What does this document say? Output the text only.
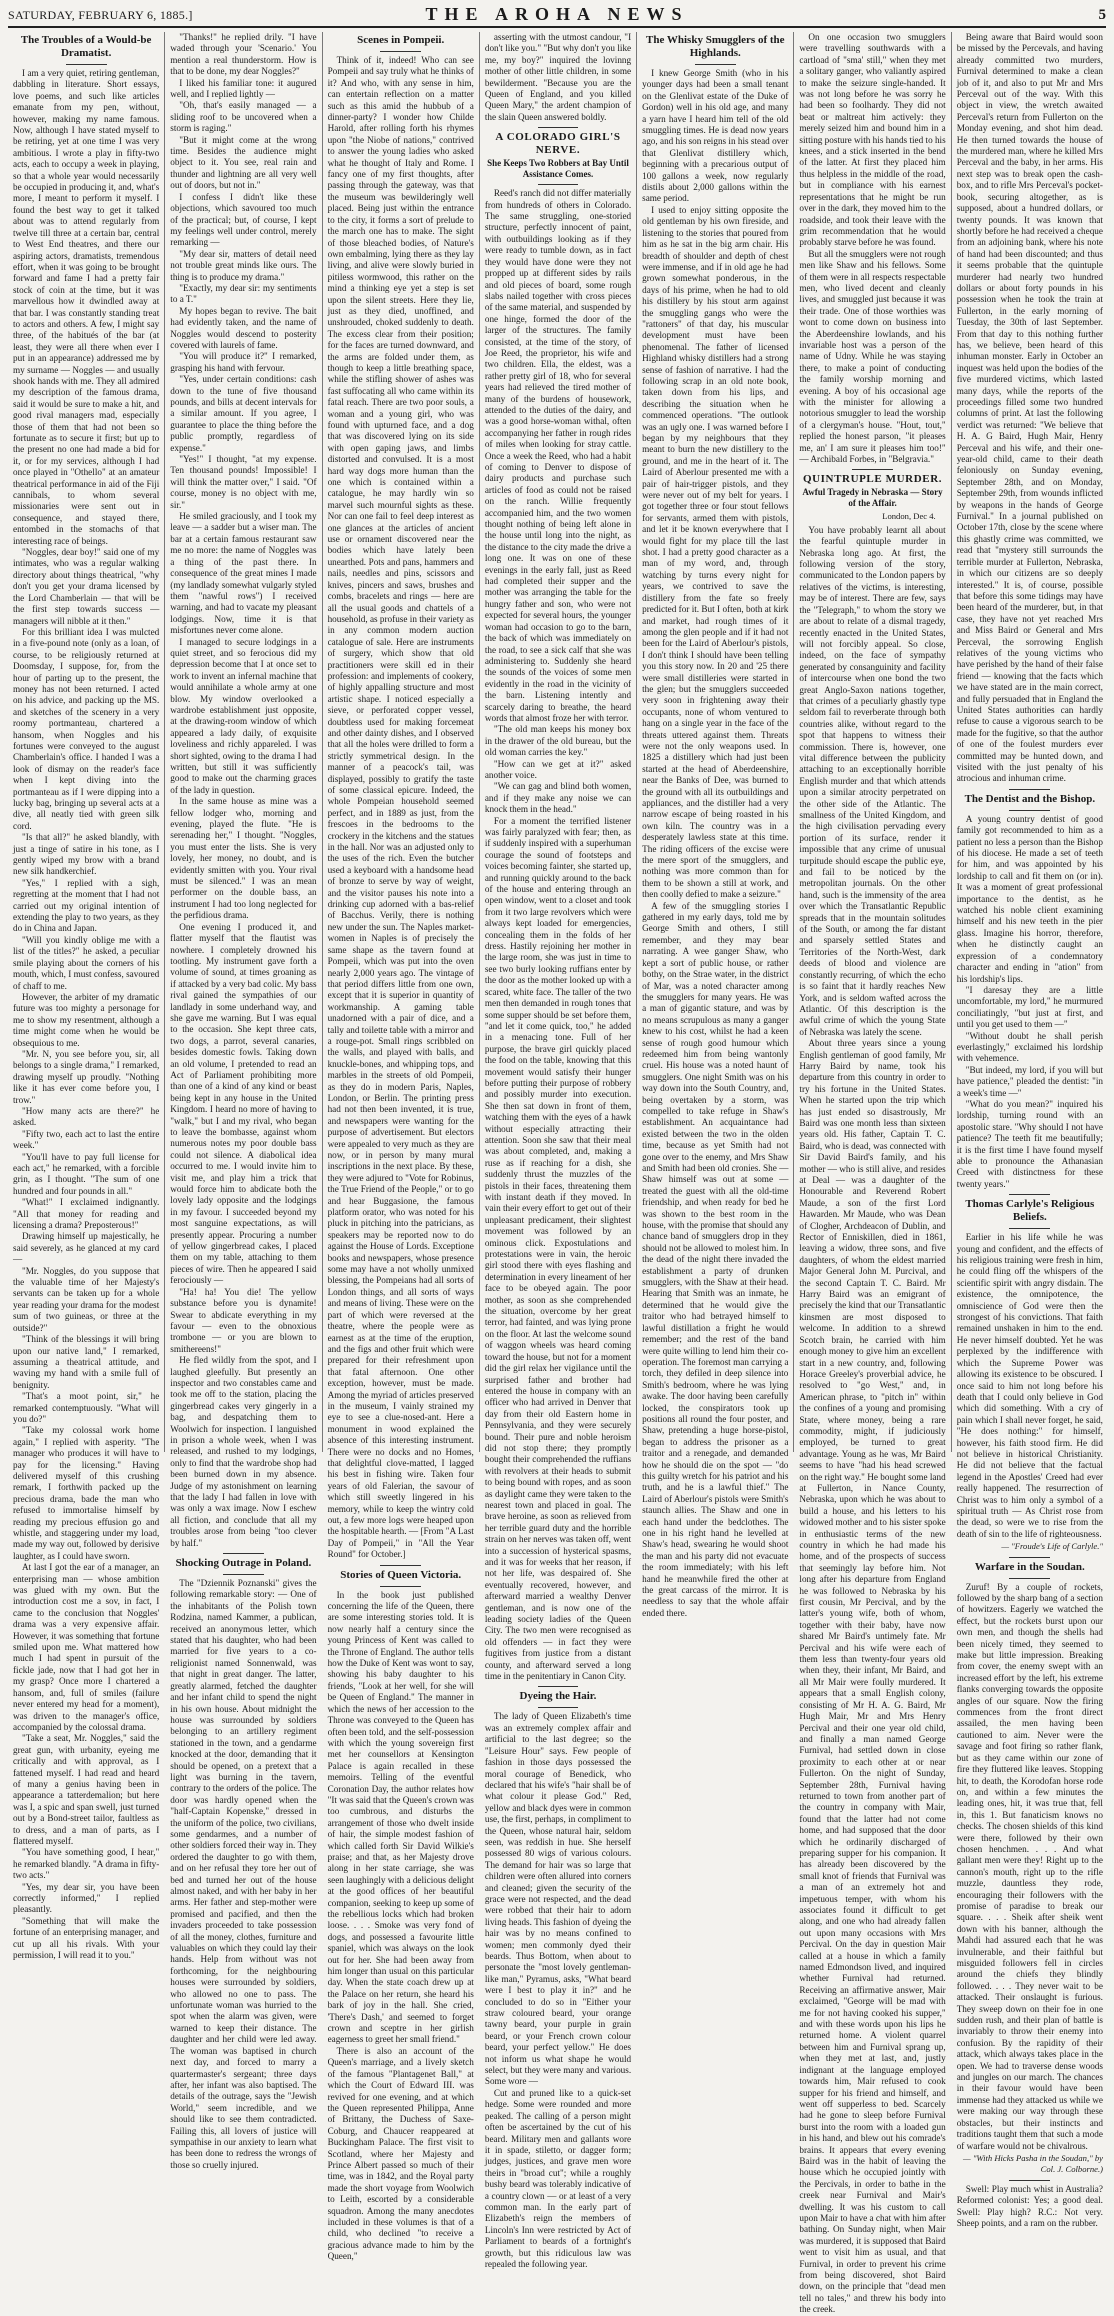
SATURDAY, FEBRUARY 6, 1885.]	THE AROHA NEWS	5
The Troubles of a Would-be Dramatist.

I am a very quiet, retiring gentleman, dabbling in literature. Short essays, love poems, and such like articles emanate from my pen, without, however, making my name famous. Now, although I have stated myself to be retiring, yet at one time I was very ambitious. I wrote a play in fifty-two acts, each to occupy a week in playing, so that a whole year would necessarily be occupied in producing it, and, what's more, I meant to perform it myself. I found the best way to get it talked about was to attend regularly from twelve till three at a certain bar, central to West End theatres, and there our aspiring actors, dramatists, tremendous effort, when it was going to be brought forward and fame I had a pretty fair stock of coin at the time, but it was marvellous how it dwindled away at that bar. I was constantly standing treat to actors and others. A few, I might say three, of the habitués of the bar (at least, they were all there when ever I put in an appearance) addressed me by my surname — Noggles — and usually shook hands with me. They all admired my description of the famous drama, said it would be sure to make a hit, and good rival managers mad, especially those of them that had not been so fortunate as to secure it first; but up to the present no one had made a bid for it, or for my services, although I had once played in "Othello" at an amateur theatrical performance in aid of the Fiji cannibals, to whom several missionaries were sent out in consequence, and stayed there, entombed in the stomachs of that interesting race of beings.

"Noggles, dear boy!" said one of my intimates, who was a regular walking directory about things theatrical, "why don't you get your drama licensed by the Lord Chamberlain — that will be the first step towards success — managers will nibble at it then."

For this brilliant idea I was mulcted in a five-pound note (only as a loan, of course, to be religiously returned at Doomsday, I suppose, for, from the hour of parting up to the present, the money has not been returned. I acted on his advice, and packing up the MS. and sketches of the scenery in a very roomy portmanteau, chartered a hansom, when Noggles and his fortunes were conveyed to the august Chamberlain's office. I handed I was a look of dismay on the reader's face when I kept diving into the portmanteau as if I were dipping into a lucky bag, bringing up several acts at a dive, all neatly tied with green silk cord.

"Is that all?" he asked blandly, with just a tinge of satire in his tone, as I gently wiped my brow with a brand new silk handkerchief.

"Yes," I replied with a sigh, regretting at the moment that I had not carried out my original intention of extending the play to two years, as they do in China and Japan.

"Will you kindly oblige me with a list of the titles?" he asked, a peculiar smile playing about the corners of his mouth, which, I must confess, savoured of chaff to me.

However, the arbiter of my dramatic future was too mighty a personage for me to show my resentment, although a time might come when he would be obsequious to me.

"Mr. N, you see before you, sir, all belongs to a single drama," I remarked, drawing myself up proudly. "Nothing like it has ever come before you, I trow."

"How many acts are there?" he asked.

"Fifty two, each act to last the entire week."

"You'll have to pay full license for each act," he remarked, with a forcible grin, as I thought. "The sum of one hundred and four pounds in all."

"What!" I exclaimed indignantly. "All that money for reading and licensing a drama? Preposterous!"

Drawing himself up majestically, he said severely, as he glanced at my card —

"Mr. Noggles, do you suppose that the valuable time of her Majesty's servants can be taken up for a whole year reading your drama for the modest sum of two guineas, or three at the outside?"

"Think of the blessings it will bring upon our native land," I remarked, assuming a theatrical attitude, and waving my hand with a smile full of benignity.

"That's a moot point, sir," he remarked contemptuously. "What will you do?"

"Take my colossal work home again," I replied with asperity. "The manager who produces it will have to pay for the licensing." Having delivered myself of this crushing remark, I forthwith packed up the precious drama, bade the man who refused to immortalise himself by reading my precious effusion go and whistle, and staggering under my load, made my way out, followed by derisive laughter, as I could have sworn.

At last I got the ear of a manager, an enterprising man — whose ambition was glued with my own. But the introduction cost me a sov, in fact, I came to the conclusion that Noggles' drama was a very expensive affair. However, it was something that fortune smiled upon me. What mattered how much I had spent in pursuit of the fickle jade, now that I had got her in my grasp? Once more I chartered a hansom, and, full of smiles (failure never entered my head for a moment), was driven to the manager's office, accompanied by the colossal drama.

"Take a seat, Mr. Noggles," said the great gun, with urbanity, eyeing me critically and with approval, as I fattened myself. I had read and heard of many a genius having been in appearance a tatterdemalion; but here was I, a spic and span swell, just turned out by a Bond-street tailor, faultless as to dress, and a man of parts, as I flattered myself.

"You have something good, I hear," he remarked blandly. "A drama in fifty-two acts."

"Yes, my dear sir, you have been correctly informed," I replied pleasantly.

"Something that will make the fortune of an enterprising manager, and cut up all his rivals. With your permission, I will read it to you."

"Thanks!" he replied drily. "I have waded through your 'Scenario.' You mention a real thunderstorm. How is that to be done, my dear Noggles?"

I liked his familiar tone: it augured well, and I replied lightly —

"Oh, that's easily managed — a sliding roof to be uncovered when a storm is raging."

"But it might come at the wrong time. Besides the audience might object to it. You see, real rain and thunder and lightning are all very well out of doors, but not in."

I confess I didn't like these objections, which savoured too much of the practical; but, of course, I kept my feelings well under control, merely remarking —

"My dear sir, matters of detail need not trouble great minds like ours. The thing is to produce my drama."

"Exactly, my dear sir: my sentiments to a T."

My hopes began to revive. The bait had evidently taken, and the name of Noggles would descend to posterity covered with laurels of fame.

"You will produce it?" I remarked, grasping his hand with fervour.

"Yes, under certain conditions: cash down to the tune of five thousand pounds, and bills at decent intervals for a similar amount. If you agree, I guarantee to place the thing before the public promptly, regardless of expense."

"Yes!" I thought, "at my expense. Ten thousand pounds! Impossible! I will think the matter over," I said. "Of course, money is no object with me, sir."

He smiled graciously, and I took my leave — a sadder but a wiser man. The bar at a certain famous restaurant saw me no more: the name of Noggles was a thing of the past there. In consequence of the great mines I made (my landlady somewhat vulgarly styled them "nawful rows") I received warning, and had to vacate my pleasant lodgings. Now, time it is that misfortunes never come alone.

I managed to secure lodgings in a quiet street, and so ferocious did my depression become that I at once set to work to invent an infernal machine that would annihilate a whole army at one blow. My window overlooked a wardrobe establishment just opposite, at the drawing-room window of which appeared a lady daily, of exquisite loveliness and richly appareled. I was short sighted, owing to the drama I had written, but still it was sufficiently good to make out the charming graces of the lady in question.

In the same house as mine was a fellow lodger who, morning and evening, played the flute. "He is serenading her," I thought. "Noggles, you must enter the lists. She is very lovely, her money, no doubt, and is evidently smitten with you. Your rival must be silenced." I was an mean performer on the double bass, an instrument I had too long neglected for the perfidious drama.

One evening I produced it, and flatter myself that the flautist was nowhere. I completely drowned his tootling. My instrument gave forth a volume of sound, at times groaning as if attacked by a very bad colic. My bass rival gained the sympathies of our landlady in some underhand way, and she gave me warning. But I was equal to the occasion. She kept three cats, two dogs, a parrot, several canaries, besides domestic fowls. Taking down an old volume, I pretended to read an Act of Parliament prohibiting more than one of a kind of any kind or beast being kept in any house in the United Kingdom. I heard no more of having to "walk," but I and my rival, who began to leave the bombasse, against whom numerous notes my poor double bass could not silence. A diabolical idea occurred to me. I would invite him to visit me, and play him a trick that would force him to abdicate both the lovely lady opposite and the lodgings in my favour. I succeeded beyond my most sanguine expectations, as will presently appear. Procuring a number of yellow gingerbread cakes, I placed them on my table, attaching to them pieces of wire. Then he appeared I said ferociously —

"Ha! ha! You die! The yellow substance before you is dynamite! Swear to abdicate everything in my favour — even to the obnoxious trombone — or you are blown to smithereens!"

He fled wildly from the spot, and I laughed gleefully. But presently an inspector and two constables came and took me off to the station, placing the gingerbread cakes very gingerly in a bag, and despatching them to Woolwich for inspection. I languished in prison a whole week, when I was released, and rushed to my lodgings, only to find that the wardrobe shop had been burned down in my absence. Judge of my astonishment on learning that the lady I had fallen in love with was only a wax image. Now I eschew all fiction, and conclude that all my troubles arose from being "too clever by half."

Shocking Outrage in Poland.

The "Dziennik Poznanski" gives the following remarkable story: — One of the inhabitants of the Polish town Rodzina, named Kammer, a publican, received an anonymous letter, which stated that his daughter, who had been married for five years to a co-religionist named Sonnenwald, was that night in great danger. The latter, greatly alarmed, fetched the daughter and her infant child to spend the night in his own house. About midnight the house was surrounded by soldiers belonging to an artillery regiment stationed in the town, and a gendarme knocked at the door, demanding that it should be opened, on a pretext that a light was burning in the tavern, contrary to the orders of the police. The door was hardly opened when the "half-Captain Kopenske," dressed in the uniform of the police, two civilians, some gendarmes, and a number of other soldiers forced their way in. They ordered the daughter to go with them, and on her refusal they tore her out of bed and turned her out of the house almost naked, and with her baby in her arms. Her father and step-mother were promised and pacified, and then the invaders proceeded to take possession of all the money, clothes, furniture and valuables on which they could lay their hands. Help from without was not forthcoming, for the neighbouring houses were surrounded by soldiers, who allowed no one to pass. The unfortunate woman was hurried to the spot when the alarm was given, were warned to keep their distance. The daughter and her child were led away. The woman was baptised in church next day, and forced to marry a quartermaster's sergeant; three days after, her infant was also baptised. The details of the outrage, says the "Jewish World," seem incredible, and we should like to see them contradicted. Failing this, all lovers of justice will sympathise in our anxiety to learn what has been done to redress the wrongs of those so cruelly injured.

Scenes in Pompeii.

Think of it, indeed! Who can see Pompeii and say truly what he thinks of it? And who, with any sense in him, can entertain reflection on a matter such as this amid the hubbub of a dinner-party? I wonder how Childe Harold, after rolling forth his rhymes upon "the Niobe of nations," contrived to answer the young ladies who asked what he thought of Italy and Rome. I fancy one of my first thoughts, after passing through the gateway, was that the museum was bewilderingly well placed. Being just within the entrance to the city, it forms a sort of prelude to the march one has to make. The sight of those bleached bodies, of Nature's own embalming, lying there as they lay living, and alive were slowly buried in pitiless wormwood, this rather on the mind a thinking eye yet a step is set upon the silent streets. Here they lie, just as they died, unoffined, and unshrouded, choked suddenly to death. The excess clear from their position; for the faces are turned downward, and the arms are folded under them, as though to keep a little breathing space, while the stifling shower of ashes was fast suffocating all who came within its fatal reach. There are two poor souls, a woman and a young girl, who was found with upturned face, and a dog that was discovered lying on its side with open gaping jaws, and limbs distorted and convulsed. It is a most hard way dogs more human than the one which is contained within a catalogue, he may hardly win so marvel such mournful sights as these. Nor can one fail to feel deep interest as one glances at the articles of ancient use or ornament discovered near the bodies which have lately been unearthed. Pots and pans, hammers and nails, needles and pins, scissors and knives, pincers and saws, brushes and combs, bracelets and rings — here are all the usual goods and chattels of a household, as profuse in their variety as in any common modern auction catalogue of sale. Here are instruments of surgery, which show that old practitioners were skill ed in their profession: and implements of cookery, of highly appalling structure and most artistic shape. I noticed especially a sieve, or perforated copper vessel, doubtless used for making forcemeat and other dainty dishes, and I observed that all the holes were drilled to form a strictly symmetrical design. In the manner of a peacock's tail, was displayed, possibly to gratify the taste of some classical epicure. Indeed, the whole Pompeian household seemed perfect, and in 1889 as just, from the frescoes in the bedrooms to the crockery in the kitchens and the statues in the hall. Nor was an adjusted only to the uses of the rich. Even the butcher used a keyboard with a handsome head of bronze to serve by way of weight, and the visitor pauses his note into a drinking cup adorned with a bas-relief of Bacchus. Verily, there is nothing new under the sun. The Naples market-women in Naples is of precisely the same shape as the tavern found at Pompeii, which was put into the oven nearly 2,000 years ago. The vintage of that period differs little from one own, except that it is superior in quantity of workmanship. A gaming table unadorned with a pair of dice, and a tally and toilette table with a mirror and a rouge-pot. Small rings scribbled on the walls, and played with balls, and knuckle-bones, and whipping tops, and marbles in the streets of old Pompeii, as they do in modern Paris, Naples, London, or Berlin. The printing press had not then been invented, it is true, and newspapers were wanting for the purpose of advertisement. But electors were appealed to very much as they are now, or in person by many mural inscriptions in the next place. By these, they were adjured to "Vote for Robinus, the True Friend of the People," or to go and hear Buggasione, the famous platform orator, who was noted for his pluck in pitching into the patricians, as speakers may be reported now to do against the House of Lords. Exceptione books and newspapers, whose presence some may have a not wholly unmixed blessing, the Pompeians had all sorts of London things, and all sorts of ways and means of living. These were on the part of which were reversed at the theatre, where the people were as earnest as at the time of the eruption, and the figs and other fruit which were prepared for their refreshment upon that fatal afternoon. One other exception, however, must be made. Among the myriad of articles preserved in the museum, I vainly strained my eye to see a clue-nosed-ant. Here a monument in wood explained the absence of this interesting instrument. There were no docks and no Homes, that delightful clove-matted, I lagged his best in fishing wire. Taken four years of old Falerian, the savour of which still sweetly lingered in his memory, while to keep the wintry cold out, a few more logs were heaped upon the hospitable hearth. — [From "A Last Day of Pompeii," in "All the Year Round" for October.]

Stories of Queen Victoria.

In the book just published concerning the life of the Queen, there are some interesting stories told. It is now nearly half a century since the young Princess of Kent was called to the Throne of England. The author tells how the Duke of Kent was wont to say, showing his baby daughter to his friends, "Look at her well, for she will be Queen of England." The manner in which the news of her accession to the Throne was conveyed to the Queen has often been told, and the self-possession with which the young sovereign first met her counsellors at Kensington Palace is again recalled in these memoirs. Telling of the eventful Coronation Day, the author relates how "It was said that the Queen's crown was too cumbrous, and disturbs the arrangement of those who dwelt inside of hair, the simple modest fashion of which called forth Sir David Wilkie's praise; and that, as her Majesty drove along in her state carriage, she was seen laughingly with a delicious delight at the good offices of her beautiful companion, seeking to keep up some of the rebellious locks which had broken loose. . . . Smoke was very fond of dogs, and possessed a favourite little spaniel, which was always on the look out for her. She had been away from him longer than usual on this particular day. When the state coach drew up at the Palace on her return, she heard his bark of joy in the hall. She cried, 'There's Dash,' and seemed to forget crown and sceptre in her girlish eagerness to greet her small friend."

There is also an account of the Queen's marriage, and a lively sketch of the famous "Plantagenet Ball," at which the Court of Edward III. was revived for one evening, and at which the Queen represented Philippa, Anne of Brittany, the Duchess of Saxe-Coburg, and Chaucer reappeared at Buckingham Palace. The first visit to Scotland, where her Majesty and Prince Albert passed so much of their time, was in 1842, and the Royal party made the short voyage from Woolwich to Leith, escorted by a considerable squadron. Among the many anecdotes included in these volumes is that of a child, who declined "to receive a gracious advance made to him by the Queen,"

asserting with the utmost candour, "I don't like you." "But why don't you like me, my boy?" inquired the lovinng mother of other little children, in some bewilderment. "Because you are the Queen of England, and you killed Queen Mary," the ardent champion of the slain Queen answered boldly.

A COLORADO GIRL'S NERVE.
She Keeps Two Robbers at Bay Until Assistance Comes.

Reed's ranch did not differ materially from hundreds of others in Colorado. The same struggling, one-storied structure, perfectly innocent of paint, with outbuildings looking as if they were ready to tumble down, as in fact they would have done were they not propped up at different sides by rails and old pieces of board, some rough slabs nailed together with cross pieces of the same material, and suspended by one hinge, formed the door of the larger of the structures. The family consisted, at the time of the story, of Joe Reed, the proprietor, his wife and two children. Ella, the eldest, was a rather pretty girl of 18, who for several years had relieved the tired mother of many of the burdens of housework, attended to the duties of the dairy, and was a good horse-woman withal, often accompanying her father in rough rides of miles when looking for stray cattle. Once a week the Reed, who had a habit of coming to Denver to dispose of dairy products and purchase such articles of food as could not be raised on the ranch. Willie frequently accompanied him, and the two women thought nothing of being left alone in the house until long into the night, as the distance to the city made the drive a long one. It was on one of these evenings in the early fall, just as Reed had completed their supper and the mother was arranging the table for the hungry father and son, who were not expected for several hours, the younger woman had occasion to go to the barn, the back of which was immediately on the road, to see a sick calf that she was administering to. Suddenly she heard the sounds of the voices of some men evidently in the road in the vicinity of the barn. Listening intently and scarcely daring to breathe, the heard words that almost froze her with terror.

"The old man keeps his money box in the drawer of the old bureau, but the old woman carries the key."

"How can we get at it?" asked another voice.

"We can gag and blind both women, and if they make any noise we can knock them in the head."

For a moment the terrified listener was fairly paralyzed with fear; then, as if suddenly inspired with a superhuman courage the sound of footsteps and voices becoming fainter, she started up, and running quickly around to the back of the house and entering through an open window, went to a closet and took from it two large revolvers which were always kept loaded for emergencies, concealing them in the folds of her dress. Hastily rejoining her mother in the large room, she was just in time to see two burly looking ruffians enter by the door as the mother looked up with a scared, white face. The taller of the two men then demanded in rough tones that some supper should be set before them, "and let it come quick, too," he added in a menacing tone. Full of her purpose, the brave girl quickly placed the food on the table, knowing that this movement would satisfy their hunger before putting their purpose of robbery and possibly murder into execution. She then sat down in front of them, watching them with the eyes of a hawk without especially attracting their attention. Soon she saw that their meal was about completed, and, making a ruse as if reaching for a dish, she suddenly thrust the muzzles of the pistols in their faces, threatening them with instant death if they moved. In vain their every effort to get out of their unpleasant predicament, their slightest movement was followed by an ominous click. Expostulations and protestations were in vain, the heroic girl stood there with eyes flashing and determination in every lineament of her face to be obeyed again. The poor mother, as soon as she comprehended the situation, overcome by her great terror, had fainted, and was lying prone on the floor. At last the welcome sound of waggon wheels was heard coming toward the house, but not for a moment did the girl relax her vigilance until the surprised father and brother had entered the house in company with an officer who had arrived in Denver that day from their old Eastern home in Pennsylvania, and they were securely bound. Their pure and noble heroism did not stop there; they promptly bought their comprehended the ruffians with revolvers at their heads to submit to being bound with ropes, and as soon as daylight came they were taken to the nearest town and placed in goal. The brave heroine, as soon as relieved from her terrible guard duty and the horrible strain on her nerves was taken off, went into a succession of hysterical spasms, and it was for weeks that her reason, if not her life, was despaired of. She eventually recovered, however, and afterward married a wealthy Denver gentleman, and is now one of the leading society ladies of the Queen City. The two men were recognised as old offenders — in fact they were fugitives from justice from a distant county, and afterward served a long time in the penitentiary in Canon City.

Dyeing the Hair.

The lady of Queen Elizabeth's time was an extremely complex affair and artificial to the last degree; so the "Leisure Hour" says. Few people of fashion in those days possessed the moral courage of Benedick, who declared that his wife's "hair shall be of what colour it please God." Red, yellow and black dyes were in common use, the first, perhaps, in compliment to the Queen, whose natural hair, seldom seen, was reddish in hue. She herself possessed 80 wigs of various colours. The demand for hair was so large that children were often allured into corners and cleaned; given the security of the grace were not respected, and the dead were robbed that their hair to adorn living heads. This fashion of dyeing the hair was by no means confined to women; men commonly dyed their beards. Thus Bottom, when about to personate the "most lovely gentleman-like man," Pyramus, asks, "What beard were I best to play it in?" and he concluded to do so in "Either your straw coloured beard, your orange tawny beard, your purple in grain beard, or your French crown colour beard, your perfect yellow." He does not inform us what shape he would select, but they were many and various. Some wore —

Cut and pruned like to a quick-set hedge. Some were rounded and more peaked. The calling of a person might often be ascertained by the cut of his beard. Military men and gallants wore it in spade, stiletto, or dagger form; judges, justices, and grave men wore theirs in "broad cut"; while a roughly bushy beard was tolerably indicative of a country clown — or at least of a very common man. In the early part of Elizabeth's reign the members of Lincoln's Inn were restricted by Act of Parliament to beards of a fortnight's growth, but this ridiculous law was repealed the following year.

The Whisky Smugglers of the Highlands.

I knew George Smith (who in his younger days had been a small tenant on the Glenlivat estate of the Duke of Gordon) well in his old age, and many a yarn have I heard him tell of the old smuggling times. He is dead now years ago, and his son reigns in his stead over that Glenlivat distillery which, beginning with a precarious output of 100 gallons a week, now regularly distils about 2,000 gallons within the same period.

I used to enjoy sitting opposite the old gentleman by his own fireside, and listening to the stories that poured from him as he sat in the big arm chair. His breadth of shoulder and depth of chest were immense, and if in old age he had grown somewhat ponderous, in the days of his prime, when he had to old his distillery by his stout arm against the smuggling gangs who were the "rattoners" of that day, his muscular development must have been phenomenal. The father of licensed Highland whisky distillers had a strong sense of fashion of narrative. I had the following scrap in an old note book, taken down from his lips, and describing the situation when he commenced operations. "The outlook was an ugly one. I was warned before I began by my neighbours that they meant to burn the new distillery to the ground, and me in the heart of it. The Laird of Aberlour presented me with a pair of hair-trigger pistols, and they were never out of my belt for years. I got together three or four stout fellows for servants, armed them with pistols, and let it be known everywhere that I would fight for my place till the last shot. I had a pretty good character as a man of my word, and, through watching by turns every night for years, we contrived to save the distillery from the fate so freely predicted for it. But I often, both at kirk and market, had rough times of it among the glen people and if it had not been for the Laird of Aberlour's pistols, I don't think I should have been telling you this story now. In 20 and '25 there were small distilleries were started in the glen; but the smugglers succeeded very soon in frightening away their occupants, none of whom ventured to hang on a single year in the face of the threats uttered against them. Threats were not the only weapons used. In 1825 a distillery which had just been started at the head of Aberdeenshire, near the Banks of Dee, was burned to the ground with all its outbuildings and appliances, and the distiller had a very narrow escape of being roasted in his own kiln. The country was in a desperately lawless state at this time. The riding officers of the excise were the mere sport of the smugglers, and nothing was more common than for them to be shown a still at work, and then coolly defied to make a seizure."

A few of the smuggling stories I gathered in my early days, told me by George Smith and others, I still remember, and they may bear narrating. A wee ganger Shaw, who kept a sort of public house, or rather bothy, on the Strae water, in the district of Mar, was a noted character among the smugglers for many years. He was a man of gigantic stature, and was by no means scrupulous as many a ganger knew to his cost, whilst he had a keen sense of rough good humour which redeemed him from being wantonly cruel. His house was a noted haunt of smugglers. One night Smith was on his way down into the South Country, and, being overtaken by a storm, was compelled to take refuge in Shaw's establishment. An acquaintance had existed between the two in the olden time, because as yet Smith had not gone over to the enemy, and Mrs Shaw and Smith had been old cronies. She — Shaw himself was out at some — treated the guest with all the old-time friendship, and when ready for bed he was shown to the best room in the house, with the promise that should any chance band of smugglers drop in they should not be allowed to molest him. In the dead of the night there invaded the establishment a party of drunken smugglers, with the Shaw at their head. Hearing that Smith was an inmate, he determined that he would give the traitor who had betrayed himself to lawful distillation a fright he would remember; and the rest of the band were quite willing to lend him their co-operation. The foremost man carrying a torch, they defiled in deep silence into Smith's bedroom, where he was lying awake. The door having been carefully locked, the conspirators took up positions all round the four poster, and Shaw, pretending a huge horse-pistol, began to address the prisoner as a traitor and a renegade, and demanded how he should die on the spot — "do this guilty wretch for his patriot and his truth, and he is a lawful thief." The Laird of Aberlour's pistols were Smith's staunch allies. The Shaw and one in each hand under the bedclothes. The one in his right hand he levelled at Shaw's head, swearing he would shoot the man and his party did not evacuate the room immediately; with his left hand he meanwhile fired the other at the great carcass of the mirror. It is needless to say that the whole affair ended there.

On one occasion two smugglers were travelling southwards with a cartload of "sma' still," when they met a solitary ganger, who valiantly aspired to make the seizure single-handed. It was not long before he was sorry he had been so foolhardy. They did not beat or maltreat him actively: they merely seized him and bound him in a sitting posture with his hands tied to his knees, and a stick inserted in the bend of the latter. At first they placed him thus helpless in the middle of the road, but in compliance with his earnest representations that he might be run over in the dark, they moved him to the roadside, and took their leave with the grim recommendation that he would probably starve before he was found.

But all the smugglers were not rough men like Shaw and his fellows. Some of them were in all respects respectable men, who lived decent and cleanly lives, and smuggled just because it was their trade. One of those worthies was wont to come down on business into the Aberdeenshire lowlands, and his invariable host was a person of the name of Udny. While he was staying there, to make a point of conducting the family worship morning and evening. A boy of his occasional age with the minister for allowing a notorious smuggler to lead the worship of a clergyman's house. "Hout, tout," replied the honest parson, "it pleases me, an' I am sure it pleases him too!" — Archibald Forbes, in "Belgravia."

QUINTRUPLE MURDER.
Awful Tragedy in Nebraska — Story of the Affair.
London, Dec 4.

You have probably learnt all about the fearful quintuple murder in Nebraska long ago. At first, the following version of the story, communicated to the London papers by relatives of the victims, is interesting, may be of interest. There are few, says the "Telegraph," to whom the story we are about to relate of a dismal tragedy, recently enacted in the United States, will not forcibly appeal. So close, indeed, on the face of sympathy generated by consanguinity and facility of intercourse when one bond the two great Anglo-Saxon nations together, that crimes of a peculiarly ghastly type seldom fail to reverberate through both countries alike, without regard to the spot that happens to witness their commission. There is, however, one vital difference between the publicity attaching to an exceptionally horrible English murder and that which attends upon a similar atrocity perpetrated on the other side of the Atlantic. The smallness of the United Kingdom, and the high civilisation pervading every portion of its surface, render it impossible that any crime of unusual turpitude should escape the public eye, and fail to be noticed by the metropolitan journals. On the other hand, such is the immensity of the area over which the Transatlantic Republic spreads that in the mountain solitudes of the South, or among the far distant and sparsely settled States and Territories of the North-West, dark deeds of blood and violence are constantly recurring, of which the echo is so faint that it hardly reaches New York, and is seldom wafted across the Atlantic. Of this description is the awful crime of which the young State of Nebraska was lately the scene.

About three years since a young English gentleman of good family, Mr Harry Baird by name, took his departure from this country in order to try his fortune in the United States. When he started upon the trip which has just ended so disastrously, Mr Baird was one month less than sixteen years old. His father, Captain T. C. Baird, who is dead, was connected with Sir David Baird's family, and his mother — who is still alive, and resides at Deal — was a daughter of the Honourable and Reverend Robert Maude, a son of the first Lord Hawarden. Mr Maude, who was Dean of Clogher, Archdeacon of Dublin, and Rector of Enniskillen, died in 1861, leaving a widow, three sons, and five daughters, of whom the eldest married Major General John M. Purcival, and the second Captain T. C. Baird. Mr Harry Baird was an emigrant of precisely the kind that our Transatlantic kinsmen are most disposed to welcome. In addition to a shrewd Scotch brain, he carried with him enough money to give him an excellent start in a new country, and, following Horace Greeley's proverbial advice, he resolved to "go West," and, in American phrase, to "pitch in" within the confines of a young and promising State, where money, being a rare commodity, might, if judiciously employed, be turned to great advantage. Young as he was, Mr Baird seems to have "had his head screwed on the right way." He bought some land at Fullerton, in Nance County, Nebraska, upon which he was about to build a house, and his letters to his widowed mother and to his sister spoke in enthusiastic terms of the new country in which he had made his home, and of the prospects of success that seemingly lay before him. Not long after his departure from England he was followed to Nebraska by his first cousin, Mr Percival, and by the latter's young wife, both of whom, together with their baby, have now shared Mr Baird's untimely fate. Mr Percival and his wife were each of them less than twenty-four years old when they, their infant, Mr Baird, and all Mr Mair were foully murdered. It appears that a small English colony, consisting of Mr H. A. G. Baird, Mr Hugh Mair, Mr and Mrs Henry Percival and their one year old child, and finally a man named George Furnival, had settled down in close proximity to each other at or near Fullerton. On the night of Sunday, September 28th, Furnival having returned to town from another part of the country in company with Mair, found that the latter had not come home, and had supposed that the door which he ordinarily discharged of preparing supper for his companion. It has already been discovered by the small knot of friends that Furnival was a man of an extremely hot and impetuous temper, with whom his associates found it difficult to get along, and one who had already fallen out upon many occasions with Mrs Percival. On the day in question Mair called at a house in which a family named Edmondson lived, and inquired whether Furnival had returned. Receiving an affirmative answer, Mair exclaimed, "George will be mad with me for not having cooked his supper," and with these words upon his lips he returned home. A violent quarrel between him and Furnival sprang up, when they met at last, and, justly indignant at the language employed towards him, Mair refused to cook supper for his friend and himself, and went off supperless to bed. Scarcely had he gone to sleep before Furnival burst into the room with a loaded gun in his hand, and blew out his comrade's brains. It appears that every evening Baird was in the habit of leaving the house which he occupied jointly with the Percivals, in order to bathe in the creek near Furnival and Mair's dwelling. It was his custom to call upon Mair to have a chat with him after bathing. On Sunday night, when Mair was murdered, it is supposed that Baird went to visit him as usual, and that Furnival, in order to prevent his crime from being discovered, shot Baird down, on the principle that "dead men tell no tales," and threw his body into the creek.

Being aware that Baird would soon be missed by the Percevals, and having already committed two murders, Furnival determined to make a clean job of it, and also to put Mr and Mrs Perceval out of the way. With this object in view, the wretch awaited Perceval's return from Fullerton on the Monday evening, and shot him dead. He then turned towards the house of the murdered man, where he killed Mrs Perceval and the baby, in her arms. His next step was to break open the cash-box, and to rifle Mrs Perceval's pocket-book, securing altogether, as is supposed, about a hundred dollars, or twenty pounds. It was known that shortly before he had received a cheque from an adjoining bank, where his note of hand had been discounted; and thus it seems probable that the quintuple murderer had nearly two hundred dollars or about forty pounds in his possession when he took the train at Fullerton, in the early morning of Tuesday, the 30th of last September. From that day to this nothing further has, we believe, been heard of this inhuman monster. Early in October an inquest was held upon the bodies of the five murdered victims, which lasted many days, while the reports of the proceedings filled some two hundred columns of print. At last the following verdict was returned: "We believe that H. A. G Baird, Hugh Mair, Henry Perceval and his wife, and their one-year-old child, came to their death feloniously on Sunday evening, September 28th, and on Monday, September 29th, from wounds inflicted by weapons in the hands of George Furnival." In a journal published on October 17th, close by the scene where this ghastly crime was committed, we read that "mystery still surrounds the terrible murder at Fullerton, Nebraska, in which our citizens are so deeply interested." It is, of course, possible that before this some tidings may have been heard of the murderer, but, in that case, they have not yet reached Mrs and Miss Baird or General and Mrs Perceval, the sorrowing English relatives of the young victims who have perished by the hand of their false friend — knowing that the facts which we have stated are in the main correct, and fully persuaded that in England the United States authorities can hardly refuse to cause a vigorous search to be made for the fugitive, so that the author of one of the foulest murders ever committed may be hunted down, and visited with the just penalty of his atrocious and inhuman crime.

The Dentist and the Bishop.

A young country dentist of good family got recommended to him as a patient no less a person than the Bishop of his diocese. He made a set of teeth for him, and was appointed by his lordship to call and fit them on (or in). It was a moment of great professional importance to the dentist, as he watched his noble client examining himself and his new teeth in the pier glass. Imagine his horror, therefore, when he distinctly caught an expression of a condemnatory character and ending in "ation" from his lordship's lips.

"I daresay they are a little uncomfortable, my lord," he murmured conciliatingly, "but just at first, and until you get used to them —"

"Without doubt he shall perish everlastingly," exclaimed his lordship with vehemence.

"But indeed, my lord, if you will but have patience," pleaded the dentist: "in a week's time —"

"What do you mean?" inquired his lordship, turning round with an apostolic stare. "Why should I not have patience? The teeth fit me beautifully; it is the first time I have found myself able to pronounce the Athanasian Creed with distinctness for these twenty years."

Thomas Carlyle's Religious Beliefs.

Earlier in his life while he was young and confident, and the effects of his religious training were fresh in him, he could fling off the whispers of the scientific spirit with angry disdain. The existence, the omnipotence, the omniscience of God were then the strongest of his convictions. That faith remained unshaken in him to the end. He never himself doubted. Yet he was perplexed by the indifference with which the Supreme Power was allowing its existence to be obscured. I once said to him not long before his death that I could only believe in God which did something. With a cry of pain which I shall never forget, he said, "He does nothing:" for himself, however, his faith stood firm. He did not believe in historical Christianity. He did not believe that the factual legend in the Apostles' Creed had ever really happened. The resurrection of Christ was to him only a symbol of a spiritual truth — As Christ rose from the dead, so were we to rise from the death of sin to the life of righteousness.

— "Froude's Life of Carlyle."
Warfare in the Soudan.

Zuruf! By a couple of rockets, followed by the sharp bang of a section of howitzers. Eagerly we watched the effect, but the rockets burst upon our own men, and though the shells had been nicely timed, they seemed to make but little impression. Breaking from cover, the enemy swept with an increased effort by the left, his extreme flanks converging towards the opposite angles of our square. Now the firing commences from the front direct assailed, the men having been cautioned to aim. Never were the savage and foot firing so rather flank, but as they came within our zone of fire they fluttered like leaves. Stopping hit, to death, the Korodofan horse rode on, and within a few minutes the leading ones, hit, it was true that, fell in, this 1. But fanaticism knows no checks. The chosen shields of this kind were there, followed by their own chosen henchmen. . . . And what gallant men were they! Right up to the cannon's mouth, right up to the rifle muzzle, dauntless they rode, encouraging their followers with the promise of paradise to break our square. . . . Sheik after sheik went down with his banner, although the Mahdi had assured each that he was invulnerable, and their faithful but misguided followers fell in circles around the chiefs they blindly followed. . . . They never wait to be attacked. Their onslaught is furious. They sweep down on their foe in one sudden rush, and their plan of battle is invariably to throw their enemy into confusion. By the rapidity of their attack, which always takes place in the open. We had to traverse dense woods and jungles on our march. The chances in their favour would have been immense had they attacked us while we were making our way through these obstacles, but their instincts and traditions taught them that such a mode of warfare would not be chivalrous.

— "With Hicks Pasha in the Soudan," by Col. J. Colborne.)

Swell: Play much whist in Australia? Reformed colonist: Yes; a good deal. Swell: Play high? R.C.: Not very. Sheep points, and a ram on the rubber.
